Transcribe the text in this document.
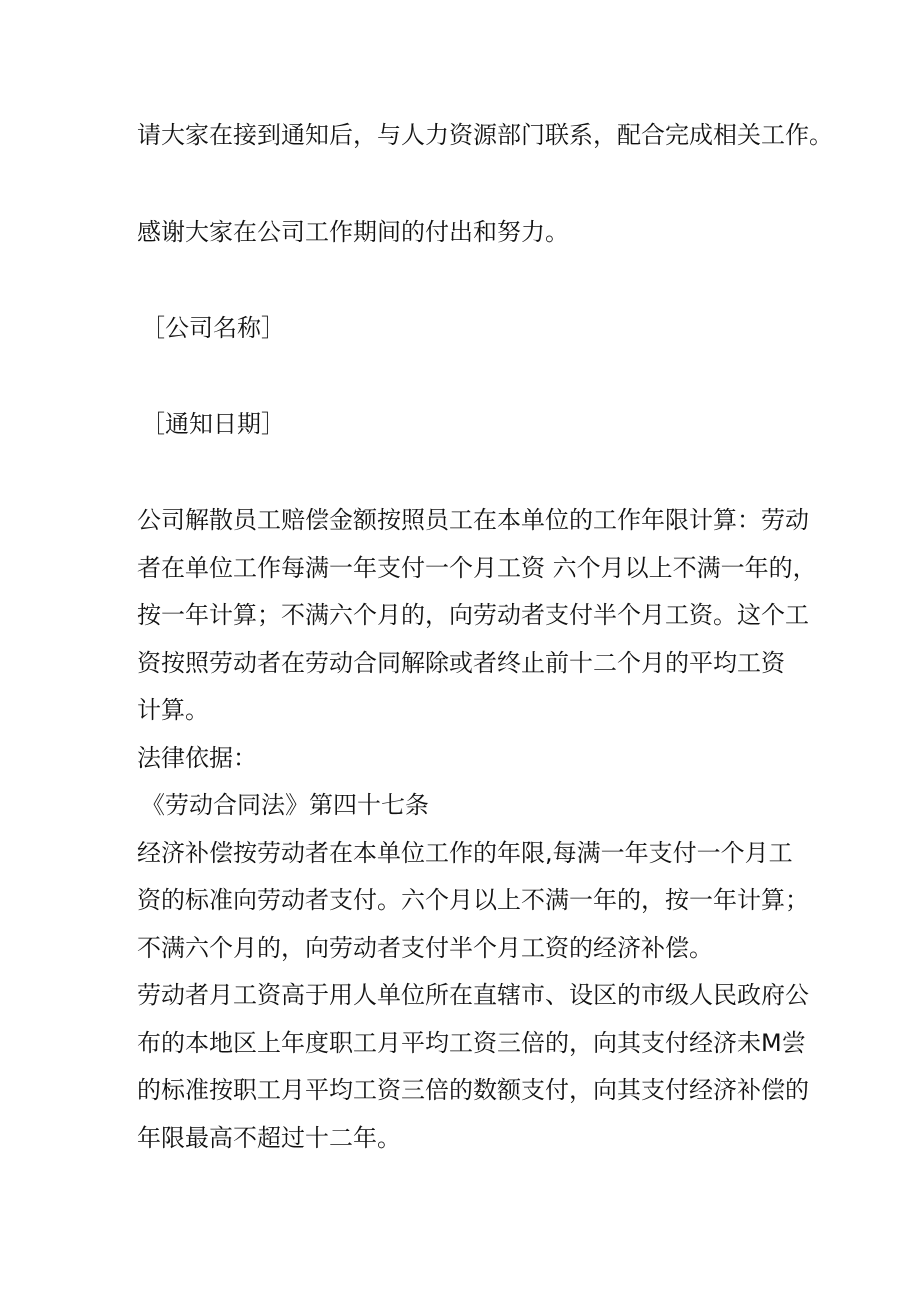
请大家在接到通知后，与人力资源部门联系，配合完成相关工作。
感谢大家在公司工作期间的付出和努力。
［公司名称］
［通知日期］
公司解散员工赔偿金额按照员工在本单位的工作年限计算：劳动
者在单位工作每满一年支付一个月工资 六个月以上不满一年的，
按一年计算；不满六个月的，向劳动者支付半个月工资。这个工
资按照劳动者在劳动合同解除或者终止前十二个月的平均工资
计算。
法律依据：
《劳动合同法》第四十七条
经济补偿按劳动者在本单位工作的年限,每满一年支付一个月工
资的标准向劳动者支付。六个月以上不满一年的，按一年计算；
不满六个月的，向劳动者支付半个月工资的经济补偿。
劳动者月工资高于用人单位所在直辖市、设区的市级人民政府公
布的本地区上年度职工月平均工资三倍的，向其支付经济未M尝
的标准按职工月平均工资三倍的数额支付，向其支付经济补偿的
年限最高不超过十二年。
